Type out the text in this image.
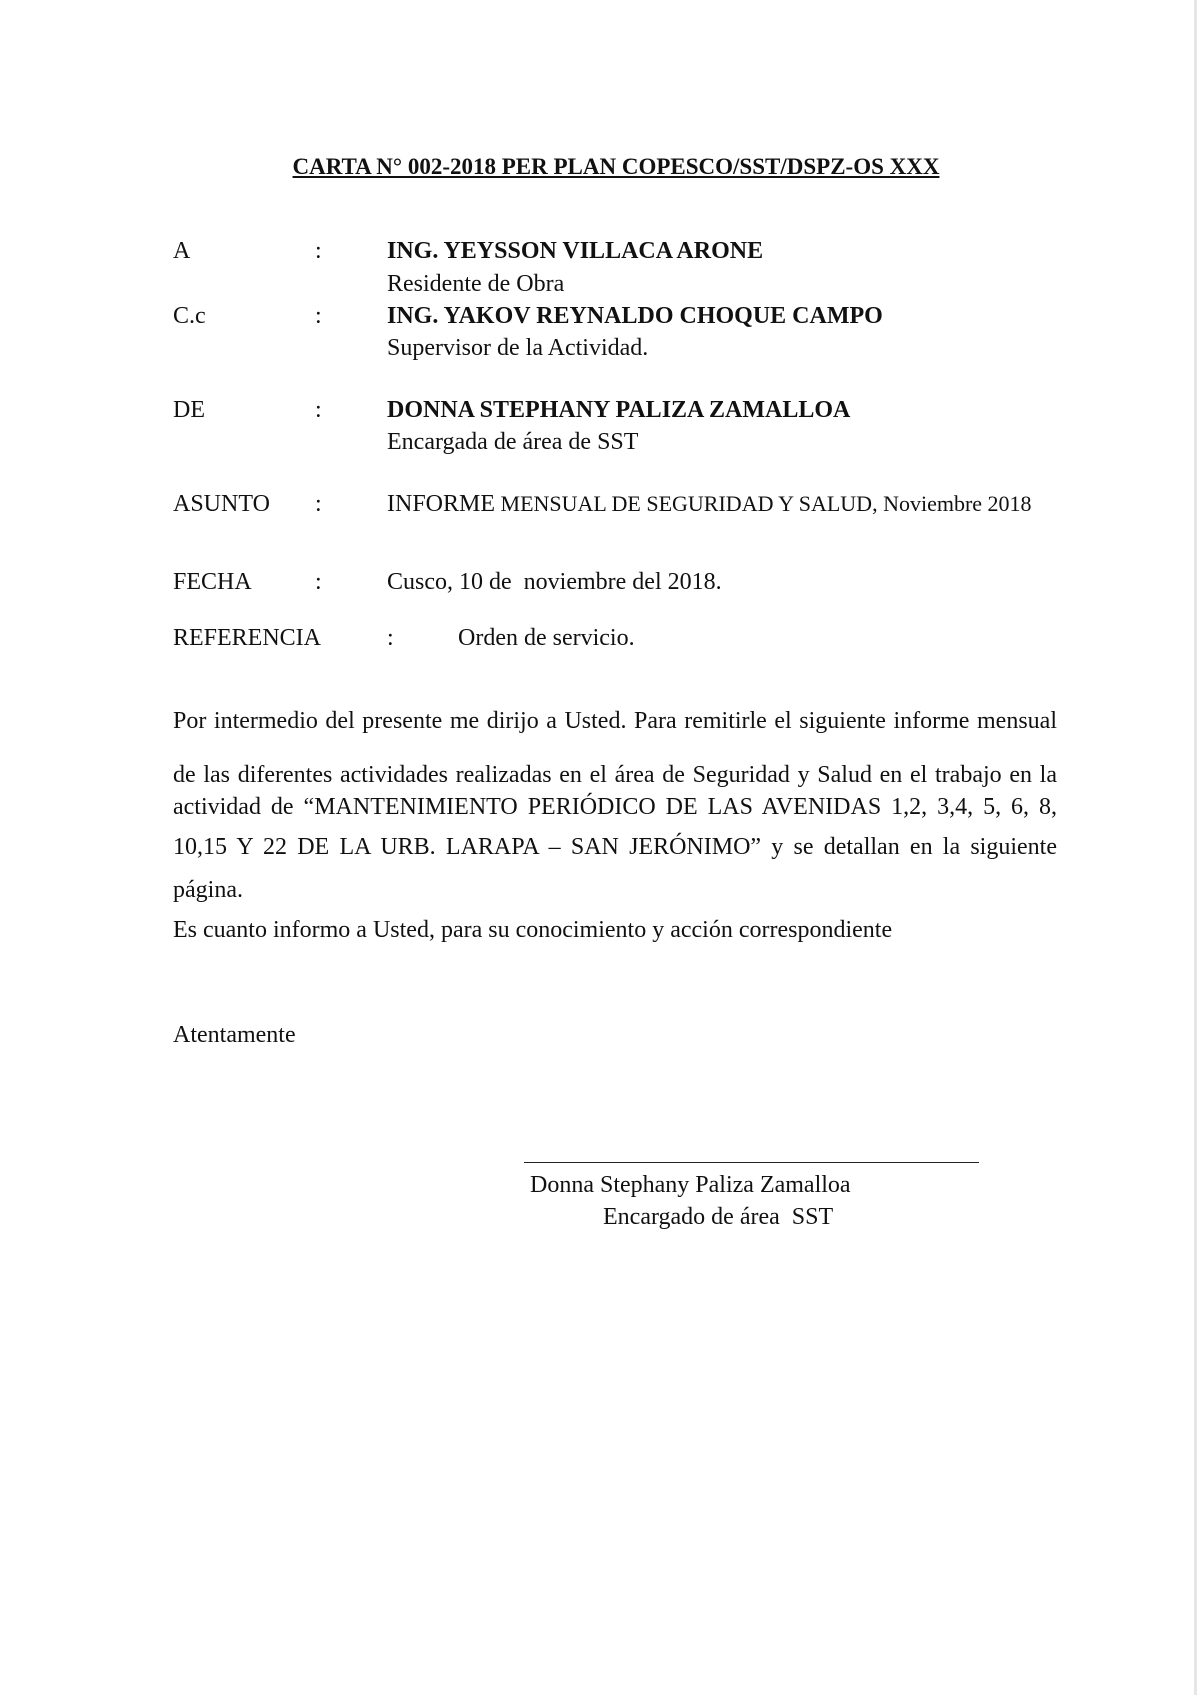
CARTA N° 002-2018 PER PLAN COPESCO/SST/DSPZ-OS XXX
A	:	ING. YEYSSON VILLACA ARONE
Residente de Obra
C.c	:	ING. YAKOV REYNALDO CHOQUE CAMPO
Supervisor de la Actividad.
DE	:	DONNA STEPHANY PALIZA ZAMALLOA
Encargada de área de SST
ASUNTO :	INFORME MENSUAL DE SEGURIDAD Y SALUD, Noviembre 2018
FECHA	:	Cusco, 10 de  noviembre del 2018.
REFERENCIA	:	Orden de servicio.
Por intermedio del presente me dirijo a Usted. Para remitirle el siguiente informe mensual
de las diferentes actividades realizadas en el área de Seguridad y Salud en el trabajo en la
actividad de “MANTENIMIENTO PERIÓDICO DE LAS AVENIDAS 1,2, 3,4, 5, 6, 8,
10,15 Y 22 DE LA URB. LARAPA – SAN JERÓNIMO” y se detallan en la siguiente
página.
Es cuanto informo a Usted, para su conocimiento y acción correspondiente
Atentamente
Donna Stephany Paliza Zamalloa
Encargado de área  SST
